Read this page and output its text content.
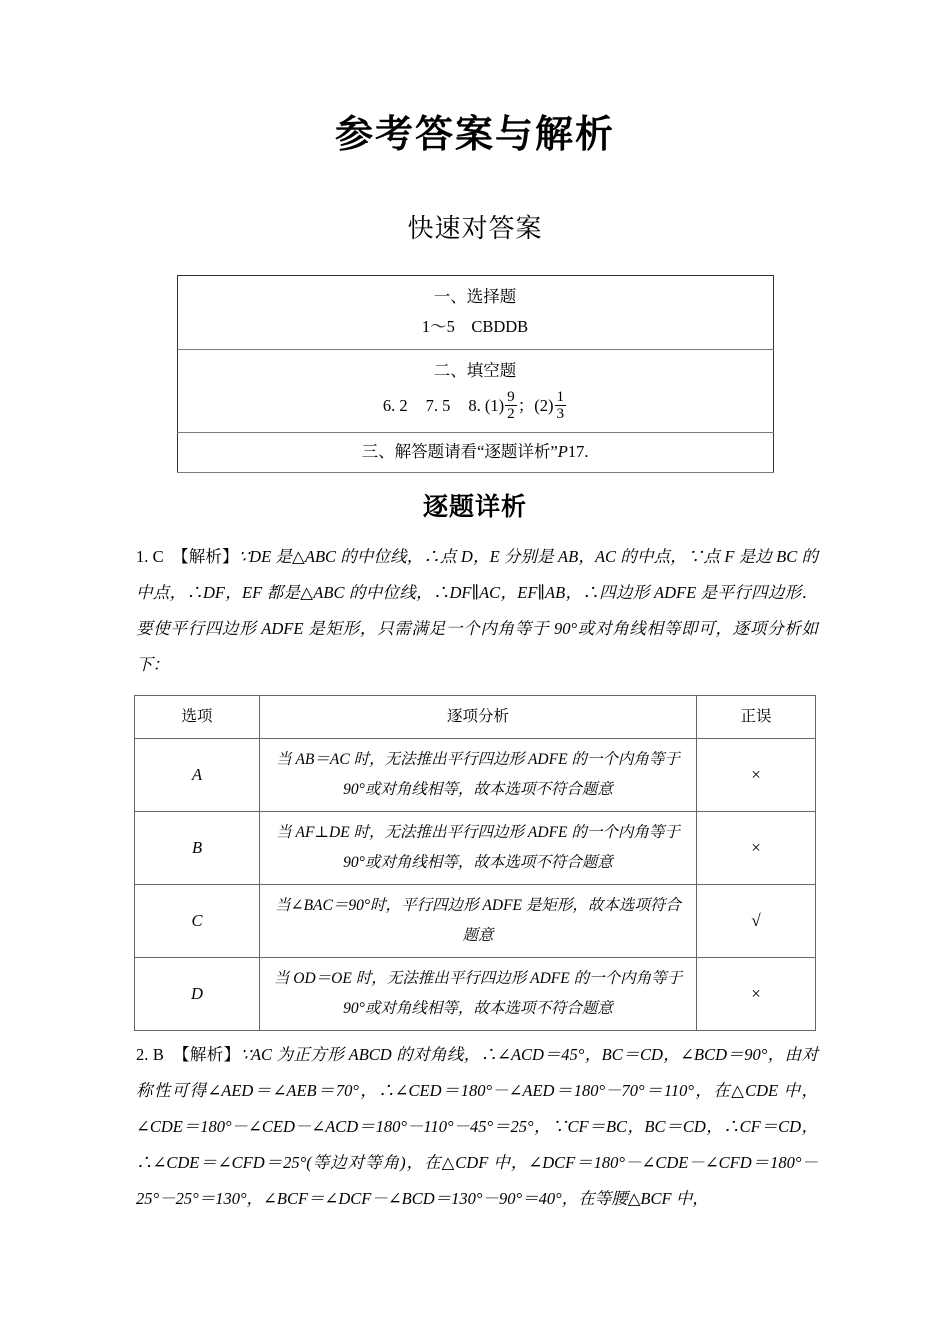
参考答案与解析
快速对答案
一、选择题
1～5　CBDDB

二、填空题
6. 2 7. 5 8. $(1) \frac{9}{2}$ ；$(2) \frac{1}{3}$

三、解答题请看“逐题详析”P17.
逐题详析

1. C　 【解析】∵DE 是△ABC 的中位线，∴点 D，E 分别是 AB，AC 的中点，∵点 F 是边 BC 的中点，∴DF，EF 都是△ABC 的中位线，∴DF∥AC，EF∥AB，∴四边形 ADFE 是平行四边形．要使平行四边形 ADFE 是矩形，只需满足一个内角等于 90°或对角线相等即可，逐项分析如下：

选项	逐项分析	正误
A	当 AB＝AC 时，无法推出平行四边形 ADFE 的一个内角等于 90°或对角线相等，故本选项不符合题意	×
B	当 AF⊥DE 时，无法推出平行四边形 ADFE 的一个内角等于 90°或对角线相等，故本选项不符合题意	×
C	当∠BAC＝90°时，平行四边形 ADFE 是矩形，故本选项符合题意	√
D	当 OD＝OE 时，无法推出平行四边形 ADFE 的一个内角等于 90°或对角线相等，故本选项不符合题意	×

2. B　 【解析】∵AC 为正方形 ABCD 的对角线，∴∠ACD＝45°，BC＝CD，∠BCD＝90°，由对称性可得∠AED＝∠AEB＝70°，∴∠CED＝180°－∠AED＝180°－70°＝110°，在△CDE 中，∠CDE＝180°－∠CED－∠ACD＝180°－110°－45°＝25°，∵CF＝BC，BC＝CD，∴CF＝CD，∴∠CDE＝∠CFD＝25°(等边对等角)，在△CDF 中，∠DCF＝180°－∠CDE－∠CFD＝180°－25°－25°＝130°，∠BCF＝∠DCF－∠BCD＝130°－90°＝40°，在等腰△BCF 中，
